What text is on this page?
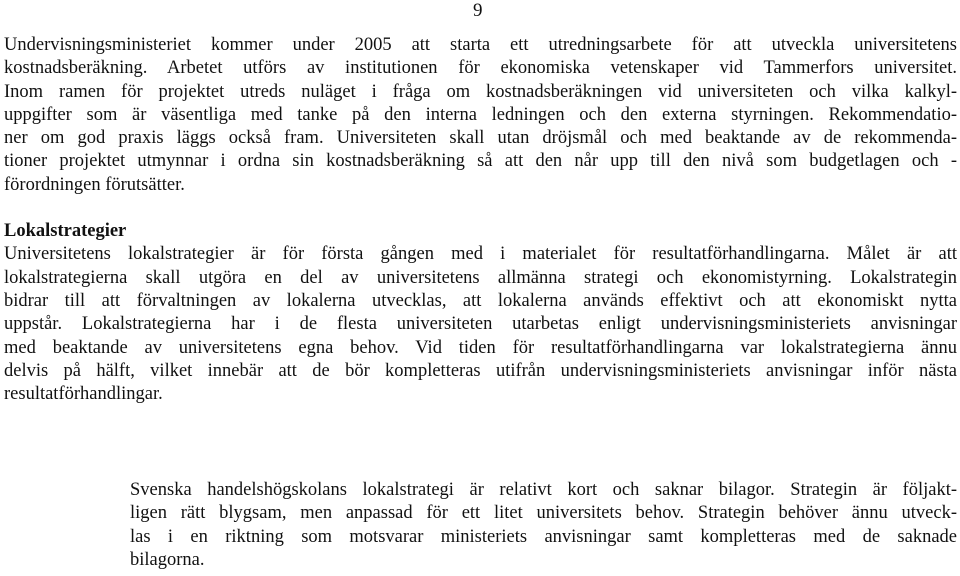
9
Undervisningsministeriet kommer under 2005 att starta ett utredningsarbete för att utveckla universitetens
kostnadsberäkning. Arbetet utförs av institutionen för ekonomiska vetenskaper vid Tammerfors universitet.
Inom ramen för projektet utreds nuläget i fråga om kostnadsberäkningen vid universiteten och vilka kalkyl-
uppgifter som är väsentliga med tanke på den interna ledningen och den externa styrningen. Rekommendatio-
ner om god praxis läggs också fram. Universiteten skall utan dröjsmål och med beaktande av de rekommenda-
tioner projektet utmynnar i ordna sin kostnadsberäkning så att den når upp till den nivå som budgetlagen och -
förordningen förutsätter.
Lokalstrategier
Universitetens lokalstrategier är för första gången med i materialet för resultatförhandlingarna. Målet är att
lokalstrategierna skall utgöra en del av universitetens allmänna strategi och ekonomistyrning. Lokalstrategin
bidrar till att förvaltningen av lokalerna utvecklas, att lokalerna används effektivt och att ekonomiskt nytta
uppstår. Lokalstrategierna har i de flesta universiteten utarbetas enligt undervisningsministeriets anvisningar
med beaktande av universitetens egna behov. Vid tiden för resultatförhandlingarna var lokalstrategierna ännu
delvis på hälft, vilket innebär att de bör kompletteras utifrån undervisningsministeriets anvisningar inför nästa
resultatförhandlingar.
Svenska handelshögskolans lokalstrategi är relativt kort och saknar bilagor. Strategin är följakt-
ligen rätt blygsam, men anpassad för ett litet universitets behov. Strategin behöver ännu utveck-
las i en riktning som motsvarar ministeriets anvisningar samt kompletteras med de saknade
bilagorna.
